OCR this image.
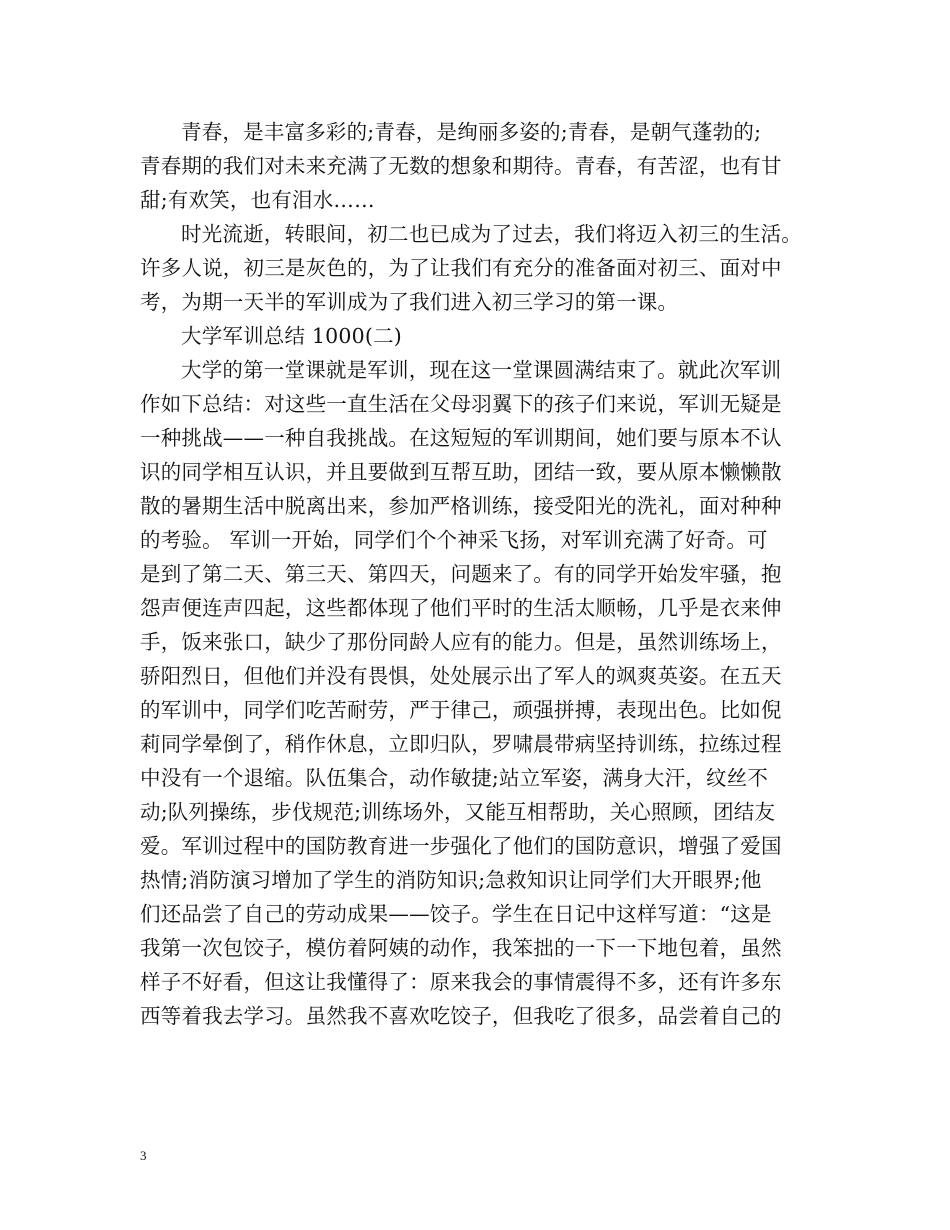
青春，是丰富多彩的;青春，是绚丽多姿的;青春，是朝气蓬勃的;
青春期的我们对未来充满了无数的想象和期待。青春，有苦涩，也有甘
甜;有欢笑，也有泪水……
时光流逝，转眼间，初二也已成为了过去，我们将迈入初三的生活。
许多人说，初三是灰色的，为了让我们有充分的准备面对初三、面对中
考，为期一天半的军训成为了我们进入初三学习的第一课。
大学军训总结 1000(二)
大学的第一堂课就是军训，现在这一堂课圆满结束了。就此次军训
作如下总结：对这些一直生活在父母羽翼下的孩子们来说，军训无疑是
一种挑战——一种自我挑战。在这短短的军训期间，她们要与原本不认
识的同学相互认识，并且要做到互帮互助，团结一致，要从原本懒懒散
散的暑期生活中脱离出来，参加严格训练，接受阳光的洗礼，面对种种
的考验。 军训一开始，同学们个个神采飞扬，对军训充满了好奇。可
是到了第二天、第三天、第四天，问题来了。有的同学开始发牢骚，抱
怨声便连声四起，这些都体现了他们平时的生活太顺畅，几乎是衣来伸
手，饭来张口，缺少了那份同龄人应有的能力。但是，虽然训练场上，
骄阳烈日，但他们并没有畏惧，处处展示出了军人的飒爽英姿。在五天
的军训中，同学们吃苦耐劳，严于律己，顽强拼搏，表现出色。比如倪
莉同学晕倒了，稍作休息，立即归队，罗啸晨带病坚持训练，拉练过程
中没有一个退缩。队伍集合，动作敏捷;站立军姿，满身大汗，纹丝不
动;队列操练，步伐规范;训练场外，又能互相帮助，关心照顾，团结友
爱。军训过程中的国防教育进一步强化了他们的国防意识，增强了爱国
热情;消防演习增加了学生的消防知识;急救知识让同学们大开眼界;他
们还品尝了自己的劳动成果——饺子。学生在日记中这样写道：“这是
我第一次包饺子，模仿着阿姨的动作，我笨拙的一下一下地包着，虽然
样子不好看，但这让我懂得了：原来我会的事情震得不多，还有许多东
西等着我去学习。虽然我不喜欢吃饺子，但我吃了很多，品尝着自己的
3
